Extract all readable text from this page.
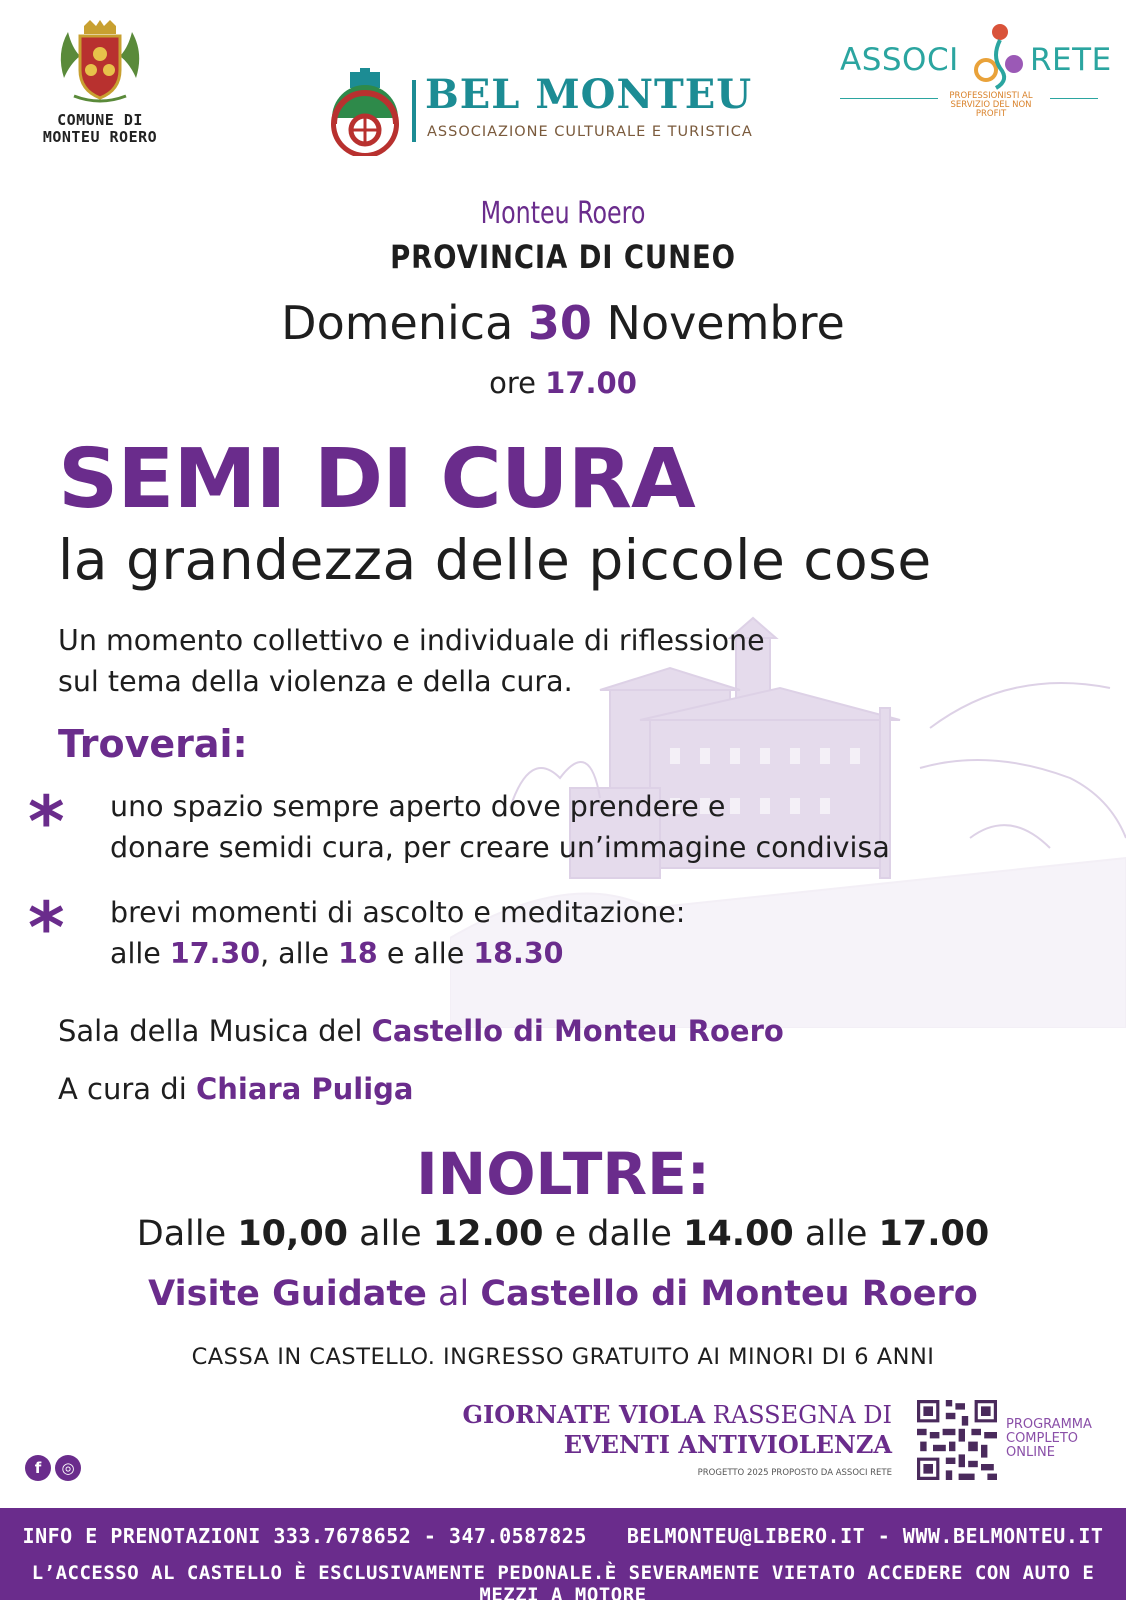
COMUNE DI
MONTEU ROERO
BEL MONTEU
ASSOCIAZIONE CULTURALE E TURISTICA
ASSOCI RETE
PROFESSIONISTI AL SERVIZIO DEL NON PROFIT
Monteu Roero
PROVINCIA DI CUNEO
Domenica 30 Novembre
ore 17.00
SEMI DI CURA
la grandezza delle piccole cose
Un momento collettivo e individuale di riflessione
sul tema della violenza e della cura.
Troverai:
* uno spazio sempre aperto dove prendere e
donare semidi cura, per creare un’immagine condivisa
* brevi momenti di ascolto e meditazione:
alle 17.30, alle 18 e alle 18.30
Sala della Musica del Castello di Monteu Roero
A cura di Chiara Puliga
INOLTRE:
Dalle 10,00 alle 12.00 e dalle 14.00 alle 17.00
Visite Guidate al Castello di Monteu Roero
CASSA IN CASTELLO. INGRESSO GRATUITO AI MINORI DI 6 ANNI
GIORNATE VIOLA RASSEGNA DI
EVENTI ANTIVIOLENZA
PROGETTO 2025 PROPOSTO DA ASSOCI RETE
PROGRAMMA
COMPLETO
ONLINE
f ◎
INFO E PRENOTAZIONI 333.7678652 - 347.0587825 BELMONTEU@LIBERO.IT - WWW.BELMONTEU.IT
L’ACCESSO AL CASTELLO È ESCLUSIVAMENTE PEDONALE.È SEVERAMENTE VIETATO ACCEDERE CON AUTO E MEZZI A MOTORE
